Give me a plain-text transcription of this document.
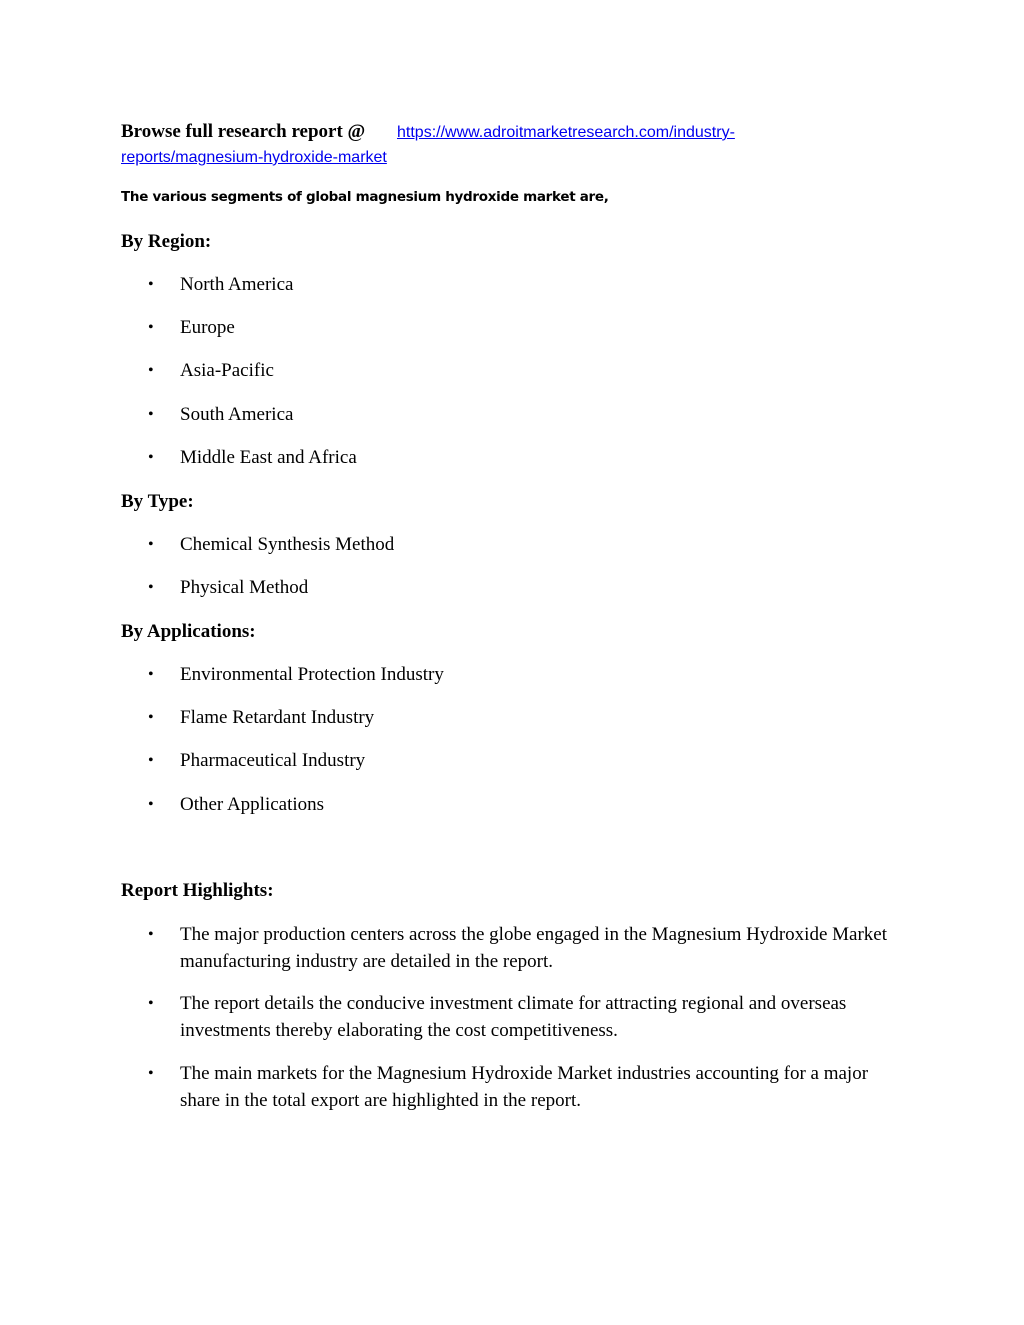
Browse full research report @ https://www.adroitmarketresearch.com/industry-
reports/magnesium-hydroxide-market
The various segments of global magnesium hydroxide market are,
By Region:
• North America
• Europe
• Asia-Pacific
• South America
• Middle East and Africa
By Type:
• Chemical Synthesis Method
• Physical Method
By Applications:
• Environmental Protection Industry
• Flame Retardant Industry
• Pharmaceutical Industry
• Other Applications
Report Highlights:
• The major production centers across the globe engaged in the Magnesium Hydroxide Market manufacturing industry are detailed in the report.
• The report details the conducive investment climate for attracting regional and overseas investments thereby elaborating the cost competitiveness.
• The main markets for the Magnesium Hydroxide Market industries accounting for a major share in the total export are highlighted in the report.
